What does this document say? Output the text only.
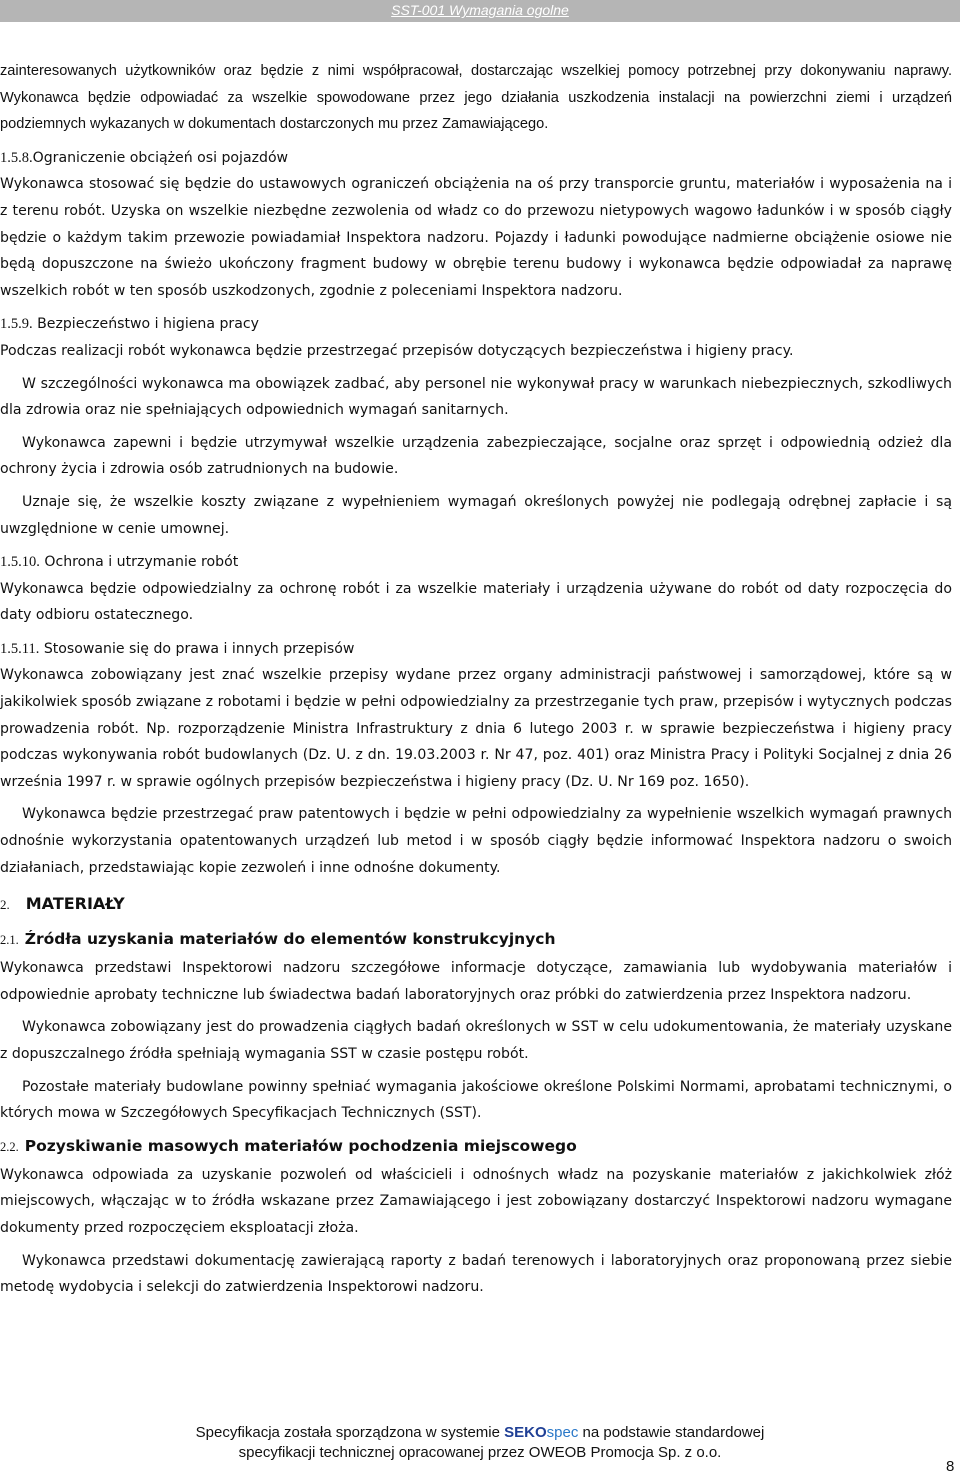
SST-001 Wymagania ogolne

zainteresowanych użytkowników oraz będzie z nimi współpracował, dostarczając wszelkiej pomocy potrzebnej przy dokonywaniu naprawy. Wykonawca będzie odpowiadać za wszelkie spowodowane przez jego działania uszkodzenia instalacji na powierzchni ziemi i urządzeń podziemnych wykazanych w dokumentach dostarczonych mu przez Zamawiającego.

1.5.8.Ograniczenie obciążeń osi pojazdów

Wykonawca stosować się będzie do ustawowych ograniczeń obciążenia na oś przy transporcie gruntu, materiałów i wyposażenia na i z terenu robót. Uzyska on wszelkie niezbędne zezwolenia od władz co do przewozu nietypowych wagowo ładunków i w sposób ciągły będzie o każdym takim przewozie powiadamiał Inspektora nadzoru. Pojazdy i ładunki powodujące nadmierne obciążenie osiowe nie będą dopuszczone na świeżo ukończony fragment budowy w obrębie terenu budowy i wykonawca będzie odpowiadał za naprawę wszelkich robót w ten sposób uszkodzonych, zgodnie z poleceniami Inspektora nadzoru.

1.5.9. Bezpieczeństwo i higiena pracy

Podczas realizacji robót wykonawca będzie przestrzegać przepisów dotyczących bezpieczeństwa i higieny pracy.

W szczególności wykonawca ma obowiązek zadbać, aby personel nie wykonywał pracy w warunkach niebezpiecznych, szkodliwych dla zdrowia oraz nie spełniających odpowiednich wymagań sanitarnych.

Wykonawca zapewni i będzie utrzymywał wszelkie urządzenia zabezpieczające, socjalne oraz sprzęt i odpowiednią odzież dla ochrony życia i zdrowia osób zatrudnionych na budowie.

Uznaje się, że wszelkie koszty związane z wypełnieniem wymagań określonych powyżej nie podlegają odrębnej zapłacie i są uwzględnione w cenie umownej.

1.5.10. Ochrona i utrzymanie robót

Wykonawca będzie odpowiedzialny za ochronę robót i za wszelkie materiały i urządzenia używane do robót od daty rozpoczęcia do daty odbioru ostatecznego.

1.5.11. Stosowanie się do prawa i innych przepisów

Wykonawca zobowiązany jest znać wszelkie przepisy wydane przez organy administracji państwowej i samorządowej, które są w jakikolwiek sposób związane z robotami i będzie w pełni odpowiedzialny za przestrzeganie tych praw, przepisów i wytycznych podczas prowadzenia robót. Np. rozporządzenie Ministra Infrastruktury z dnia 6 lutego 2003 r. w sprawie bezpieczeństwa i higieny pracy podczas wykonywania robót budowlanych (Dz. U. z dn. 19.03.2003 r. Nr 47, poz. 401) oraz Ministra Pracy i Polityki Socjalnej z dnia 26 września 1997 r. w sprawie ogólnych przepisów bezpieczeństwa i higieny pracy (Dz. U. Nr 169 poz. 1650).

Wykonawca będzie przestrzegać praw patentowych i będzie w pełni odpowiedzialny za wypełnienie wszelkich wymagań prawnych odnośnie wykorzystania opatentowanych urządzeń lub metod i w sposób ciągły będzie informować Inspektora nadzoru o swoich działaniach, przedstawiając kopie zezwoleń i inne odnośne dokumenty.

2. MATERIAŁY

2.1. Źródła uzyskania materiałów do elementów konstrukcyjnych

Wykonawca przedstawi Inspektorowi nadzoru szczegółowe informacje dotyczące, zamawiania lub wydobywania materiałów i odpowiednie aprobaty techniczne lub świadectwa badań laboratoryjnych oraz próbki do zatwierdzenia przez Inspektora nadzoru.

Wykonawca zobowiązany jest do prowadzenia ciągłych badań określonych w SST w celu udokumentowania, że materiały uzyskane z dopuszczalnego źródła spełniają wymagania SST w czasie postępu robót.

Pozostałe materiały budowlane powinny spełniać wymagania jakościowe określone Polskimi Normami, aprobatami technicznymi, o których mowa w Szczegółowych Specyfikacjach Technicznych (SST).

2.2. Pozyskiwanie masowych materiałów pochodzenia miejscowego

Wykonawca odpowiada za uzyskanie pozwoleń od właścicieli i odnośnych władz na pozyskanie materiałów z jakichkolwiek złóż miejscowych, włączając w to źródła wskazane przez Zamawiającego i jest zobowiązany dostarczyć Inspektorowi nadzoru wymagane dokumenty przed rozpoczęciem eksploatacji złoża.

Wykonawca przedstawi dokumentację zawierającą raporty z badań terenowych i laboratoryjnych oraz proponowaną przez siebie metodę wydobycia i selekcji do zatwierdzenia Inspektorowi nadzoru.

Specyfikacja została sporządzona w systemie SEKOspec na podstawie standardowej
specyfikacji technicznej opracowanej przez OWEOB Promocja Sp. z o.o.
8
